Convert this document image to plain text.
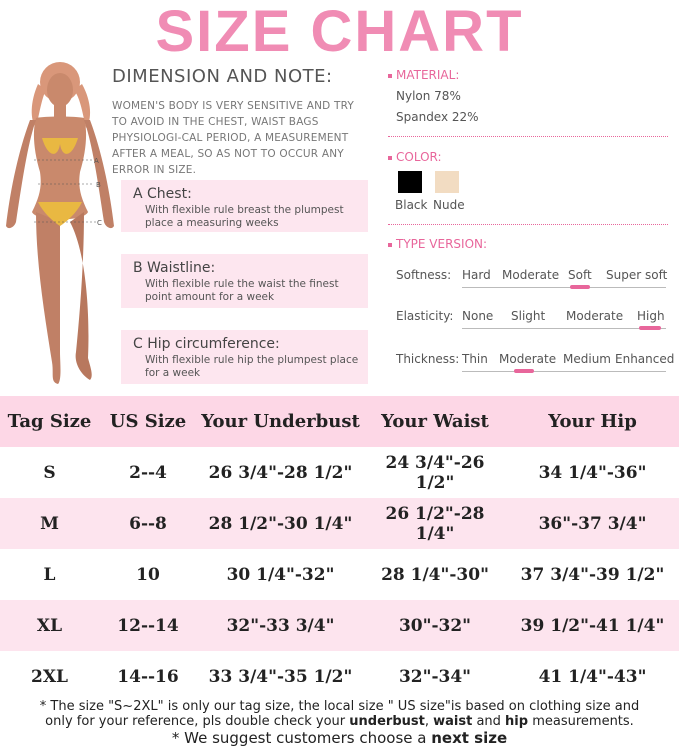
SIZE CHART
A
B
C
DIMENSION AND NOTE:
WOMEN'S BODY IS VERY SENSITIVE AND TRY TO AVOID IN THE CHEST, WAIST BAGS PHYSIOLOGI-CAL PERIOD, A MEASUREMENT AFTER A MEAL, SO AS NOT TO OCCUR ANY ERROR IN SIZE.
A Chest:
With flexible rule breast the plumpest place a measuring weeks
B Waistline:
With flexible rule the waist the finest point amount for a week
C Hip circumference:
With flexible rule hip the plumpest place for a week
MATERIAL:
Nylon 78%
Spandex 22%
COLOR:
Black Nude
TYPE VERSION:
Softness: Hard Moderate Soft Super soft
Elasticity: None Slight Moderate High
Thickness: Thin Moderate Medium Enhanced
Tag Size	US Size	Your Underbust	Your Waist	Your Hip
S	2--4	26 3/4"-28 1/2"	24 3/4"-26 1/2"	34 1/4"-36"
M	6--8	28 1/2"-30 1/4"	26 1/2"-28 1/4"	36"-37 3/4"
L	10	30 1/4"-32"	28 1/4"-30"	37 3/4"-39 1/2"
XL	12--14	32"-33 3/4"	30"-32"	39 1/2"-41 1/4"
2XL	14--16	33 3/4"-35 1/2"	32"-34"	41 1/4"-43"
* The size "S~2XL" is only our tag size, the local size " US size"is based on clothing size and
only for your reference, pls double check your underbust, waist and hip measurements.
* We suggest customers choose a next size
